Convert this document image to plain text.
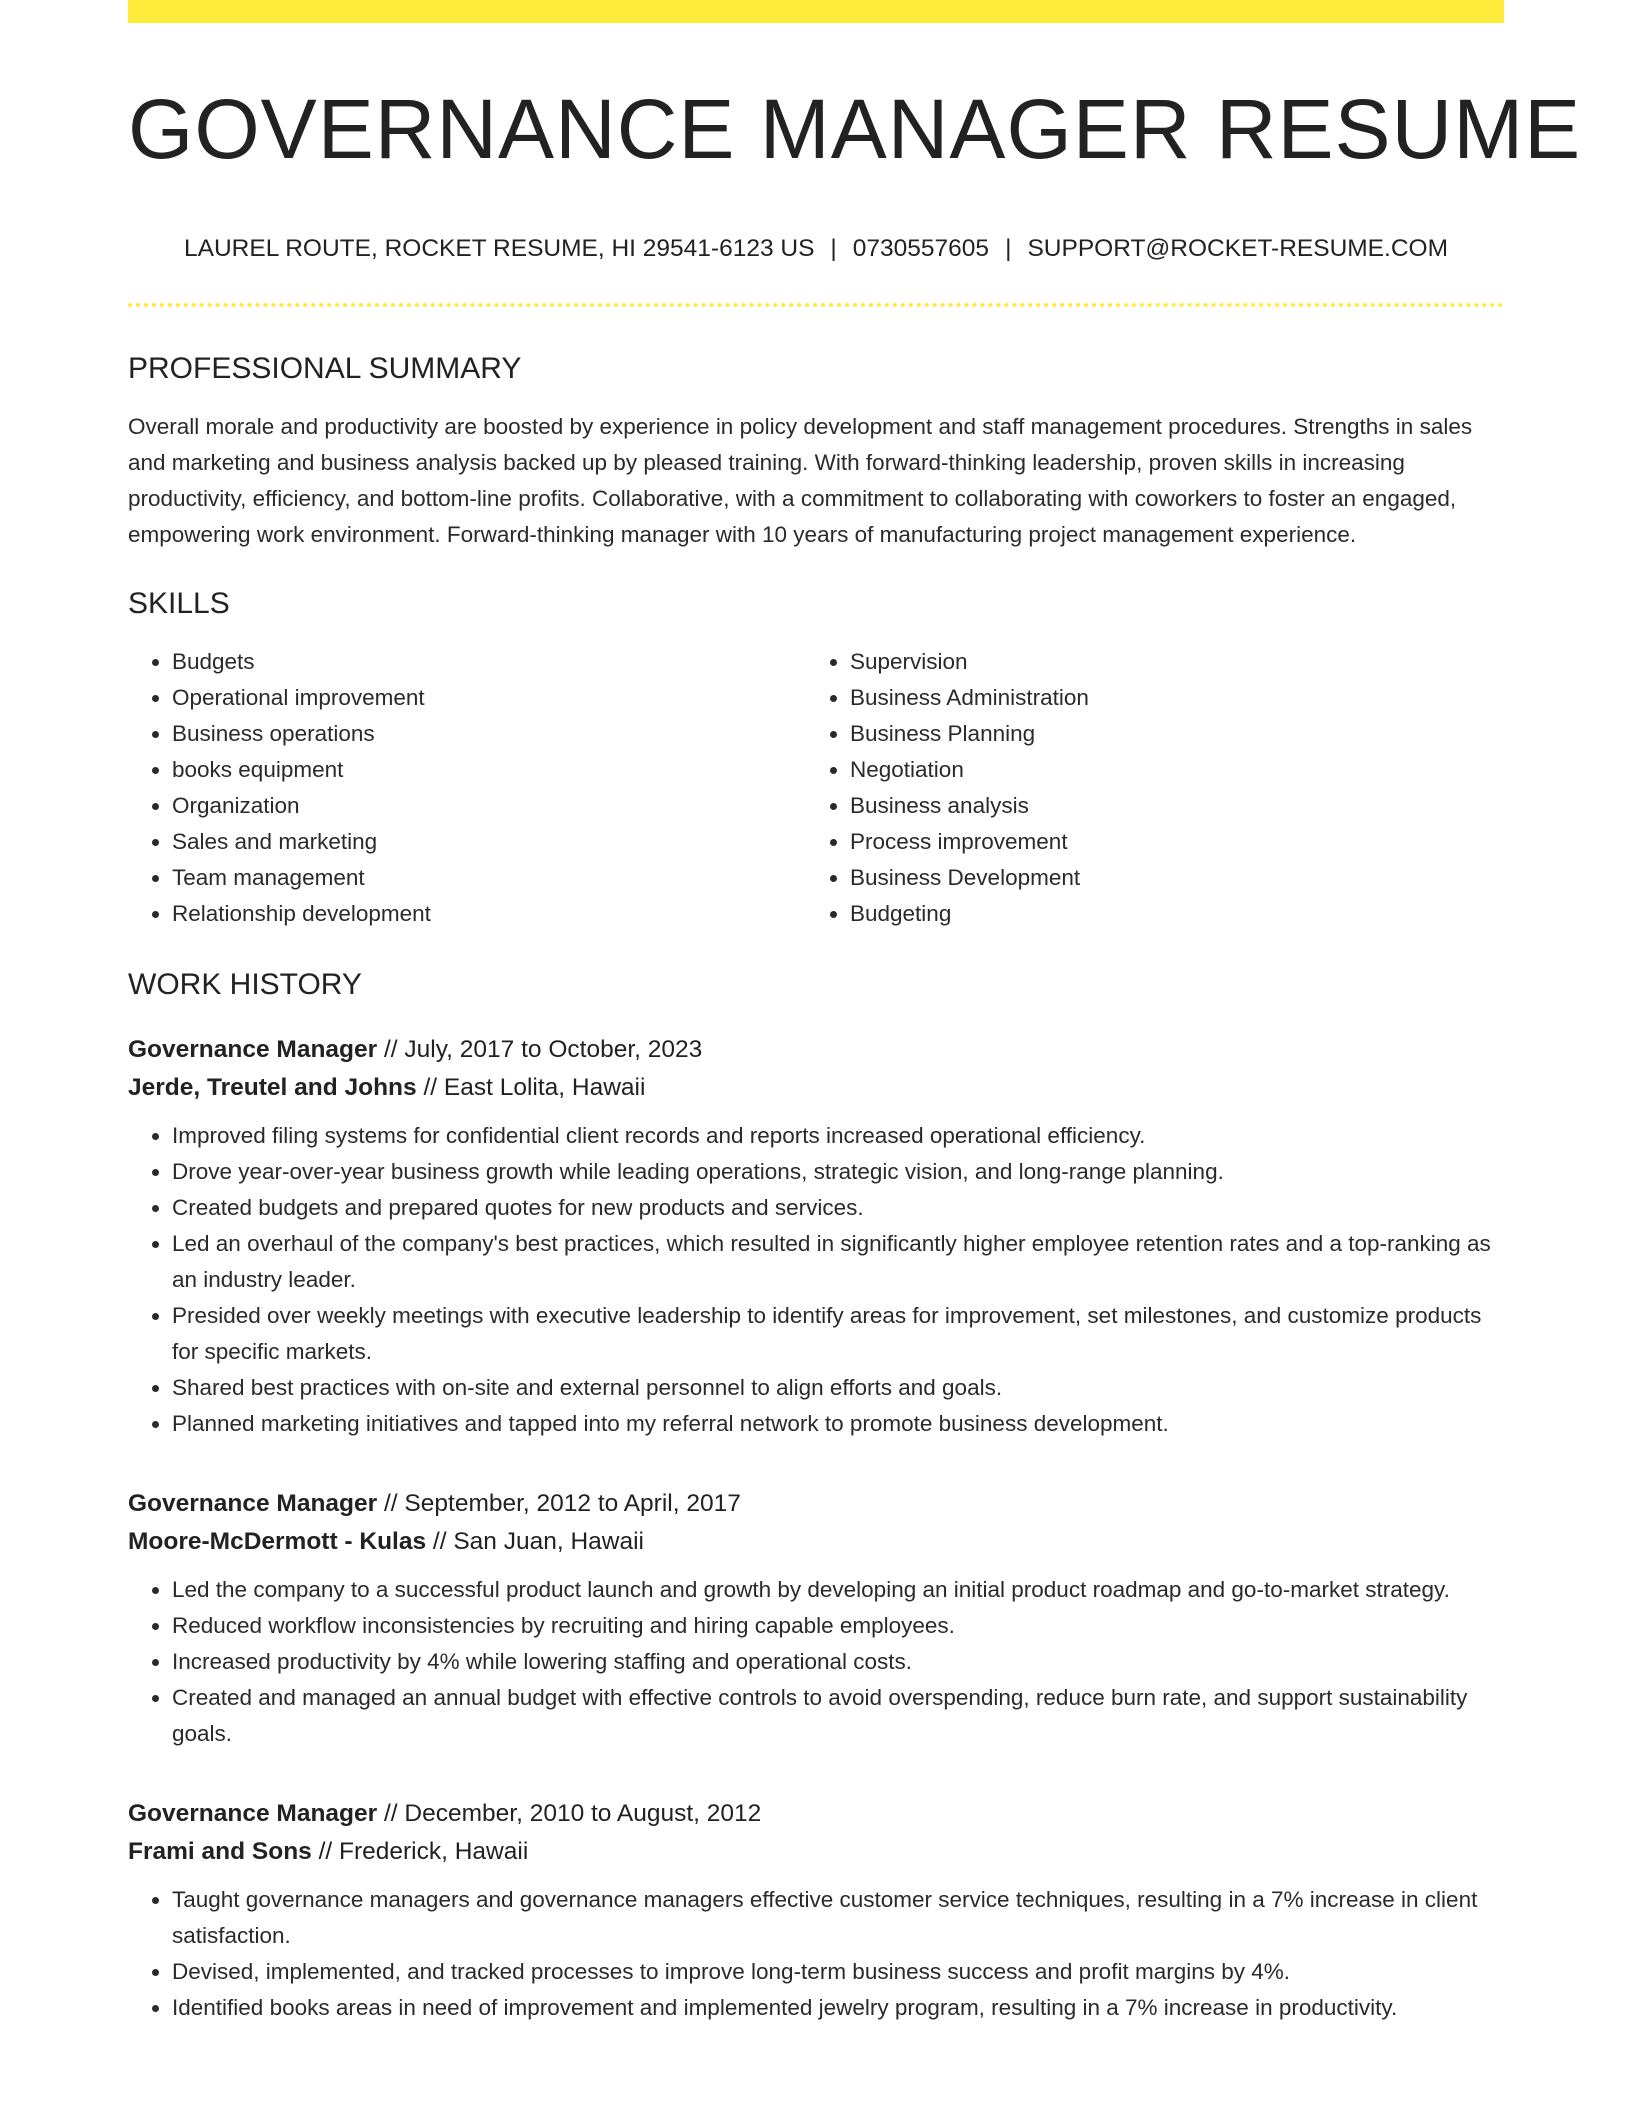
GOVERNANCE MANAGER RESUME
LAUREL ROUTE, ROCKET RESUME, HI 29541-6123 US | 0730557605 | SUPPORT@ROCKET-RESUME.COM
PROFESSIONAL SUMMARY
Overall morale and productivity are boosted by experience in policy development and staff management procedures. Strengths in sales and marketing and business analysis backed up by pleased training. With forward-thinking leadership, proven skills in increasing productivity, efficiency, and bottom-line profits. Collaborative, with a commitment to collaborating with coworkers to foster an engaged, empowering work environment. Forward-thinking manager with 10 years of manufacturing project management experience.
SKILLS
• Budgets
• Operational improvement
• Business operations
• books equipment
• Organization
• Sales and marketing
• Team management
• Relationship development
• Supervision
• Business Administration
• Business Planning
• Negotiation
• Business analysis
• Process improvement
• Business Development
• Budgeting
WORK HISTORY
Governance Manager // July, 2017 to October, 2023
Jerde, Treutel and Johns // East Lolita, Hawaii
• Improved filing systems for confidential client records and reports increased operational efficiency.
• Drove year-over-year business growth while leading operations, strategic vision, and long-range planning.
• Created budgets and prepared quotes for new products and services.
• Led an overhaul of the company's best practices, which resulted in significantly higher employee retention rates and a top-ranking as an industry leader.
• Presided over weekly meetings with executive leadership to identify areas for improvement, set milestones, and customize products for specific markets.
• Shared best practices with on-site and external personnel to align efforts and goals.
• Planned marketing initiatives and tapped into my referral network to promote business development.
Governance Manager // September, 2012 to April, 2017
Moore-McDermott - Kulas // San Juan, Hawaii
• Led the company to a successful product launch and growth by developing an initial product roadmap and go-to-market strategy.
• Reduced workflow inconsistencies by recruiting and hiring capable employees.
• Increased productivity by 4% while lowering staffing and operational costs.
• Created and managed an annual budget with effective controls to avoid overspending, reduce burn rate, and support sustainability goals.
Governance Manager // December, 2010 to August, 2012
Frami and Sons // Frederick, Hawaii
• Taught governance managers and governance managers effective customer service techniques, resulting in a 7% increase in client satisfaction.
• Devised, implemented, and tracked processes to improve long-term business success and profit margins by 4%.
• Identified books areas in need of improvement and implemented jewelry program, resulting in a 7% increase in productivity.
